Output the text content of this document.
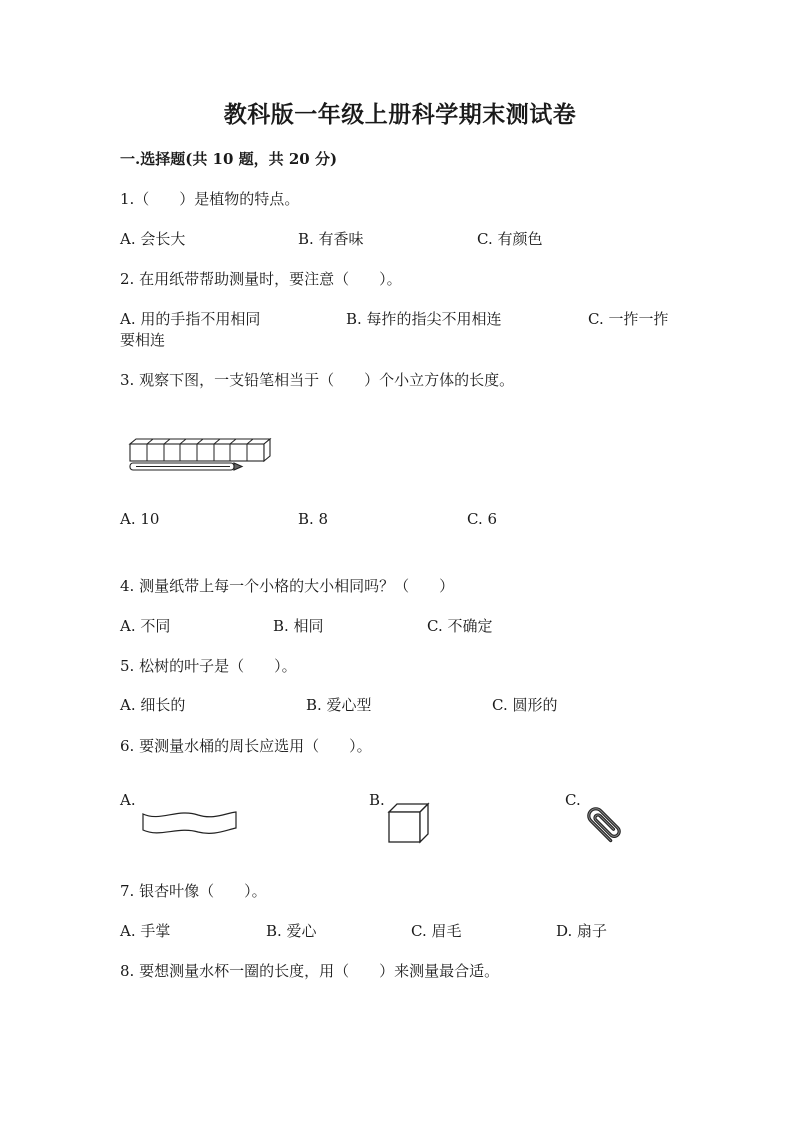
教科版一年级上册科学期末测试卷
一.选择题(共 10 题，共 20 分)
1.（　　）是植物的特点。
A. 会长大	B. 有香味	C. 有颜色
2. 在用纸带帮助测量时，要注意（　　）。
A. 用的手指不用相同	B. 每拃的指尖不用相连	C. 一拃一拃
要相连
3. 观察下图，一支铅笔相当于（　　）个小立方体的长度。
A. 10	B. 8	C. 6
4. 测量纸带上每一个小格的大小相同吗？（　　）
A. 不同	B. 相同	C. 不确定
5. 松树的叶子是（　　）。
A. 细长的	B. 爱心型	C. 圆形的
6. 要测量水桶的周长应选用（　　）。
A.	B.	C.
7. 银杏叶像（　　）。
A. 手掌	B. 爱心	C. 眉毛	D. 扇子
8. 要想测量水杯一圈的长度，用（　　）来测量最合适。
